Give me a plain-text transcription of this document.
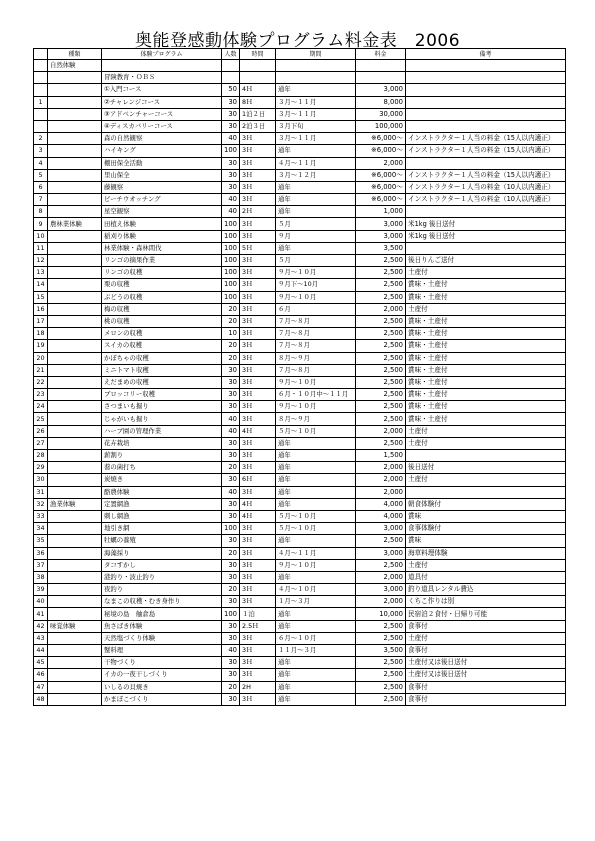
奥能登感動体験プログラム料金表　2006
	種類	体験プログラム	人数	時間	期間	料金	備考
	自然体験						
		冒険教育・ＯＢＳ					
		①入門コース	50	4Ｈ	通年	3,000	
1		②チャレンジコース	30	8Ｈ	３月～１１月	8,000	
		③アドベンチャーコース	30	1泊２日	３月～１１月	30,000	
		④ディスカバリーコース	30	2泊３日	３月下旬	100,000	
2		森の自然観察	40	3Ｈ	３月～１１月	※6,000～	インストラクター１人当の料金（15人以内適正）
3		ハイキング	100	3Ｈ	通年	※6,000～	インストラクター１人当の料金（15人以内適正）
4		棚田保全活動	30	3Ｈ	４月～１１月	2,000	
5		里山保全	30	3Ｈ	３月～１２月	※6,000～	インストラクター１人当の料金（15人以内適正）
6		藤観察	30	3Ｈ	通年	※6,000～	インストラクター１人当の料金（10人以内適正）
7		ビーチウオッチング	40	3Ｈ	通年	※6,000～	インストラクター１人当の料金（10人以内適正）
8		星空観察	40	2Ｈ	通年	1,000	
9	農林業体験	田植え体験	100	3Ｈ	５月	3,000	米1kg 後日送付
10		稲刈り体験	100	3Ｈ	９月	3,000	米1kg 後日送付
11		林業体験・森林間伐	100	5Ｈ	通年	3,500	
12		リンゴの摘果作業	100	3Ｈ	５月	2,500	後日りんご送付
13		リンゴの収穫	100	3Ｈ	９月～１０月	2,500	土産付
14		栗の収穫	100	3Ｈ	９月下～10月	2,500	賞味・土産付
15		ぶどうの収穫	100	3Ｈ	９月～１０月	2,500	賞味・土産付
16		梅の収穫	20	3Ｈ	６月	2,000	土産付
17		桃の収穫	20	3Ｈ	７月～８月	2,500	賞味・土産付
18		メロンの収穫	10	3Ｈ	７月～８月	2,500	賞味・土産付
19		スイカの収穫	20	3Ｈ	７月～８月	2,500	賞味・土産付
20		かぼちゃの収穫	20	3Ｈ	８月～９月	2,500	賞味・土産付
21		ミニトマト収穫	30	3Ｈ	７月～８月	2,500	賞味・土産付
22		えだまめの収穫	30	3Ｈ	９月～１０月	2,500	賞味・土産付
23		ブロッコリー収穫	30	3Ｈ	６月・１０月中～１１月	2,500	賞味・土産付
24		さつまいも掘り	30	3Ｈ	９月～１０月	2,500	賞味・土産付
25		じゃがいも掘り	40	3Ｈ	８月～９月	2,500	賞味・土産付
26		ハーブ園の管理作業	40	4Ｈ	５月～１０月	2,000	土産付
27		花卉栽培	30	3Ｈ	通年	2,500	土産付
28		薪割り	30	3Ｈ	通年	1,500	
29		蕎の菌打ち	20	3Ｈ	通年	2,000	後日送付
30		炭焼き	30	6Ｈ	通年	2,000	土産付
31		酪農体験	40	3Ｈ	通年	2,000	
32	漁業体験	定置網漁	30	4Ｈ	通年	4,000	朝食体験付
33		刺し網漁	30	4Ｈ	５月～１０月	4,000	賞味
34		地引き網	100	3Ｈ	５月～１０月	3,000	食事体験付
35		牡蠣の養殖	30	3Ｈ	通年	2,500	賞味
36		海藻採り	20	3Ｈ	４月～１１月	3,000	海草料理体験
37		タコすかし	30	3Ｈ	９月～１０月	2,500	土産付
38		港釣り・波止釣り	30	3Ｈ	通年	2,000	道具付
39		夜釣り	20	3Ｈ	４月～１０月	3,000	釣り道具レンタル費込
40		なまこの収穫・むき身作り	30	3Ｈ	１月～３月	2,000	くちこ作りは別
41		秘境の島　舳倉島	100	１泊	通年	10,000	民宿泊２食付・日帰り可能
42	味覚体験	魚さばき体験	30	2.5Ｈ	通年	2,500	食事付
43		天然塩づくり体験	30	3Ｈ	６月～１０月	2,500	土産付
44		蟹料理	40	3Ｈ	１１月～３月	3,500	食事付
45		干物づくり	30	3Ｈ	通年	2,500	土産付又は後日送付
46		イカの一夜干しづくり	30	3Ｈ	通年	2,500	土産付又は後日送付
47		いしるの貝焼き	20	2H	通年	2,500	食事付
48		かまぼこづくり	30	3Ｈ	通年	2,500	食事付
